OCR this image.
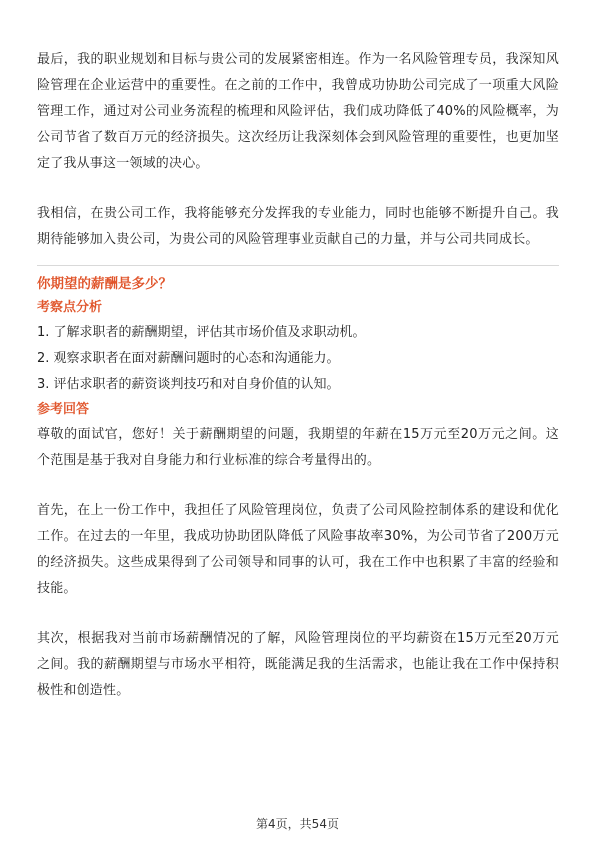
最后，我的职业规划和目标与贵公司的发展紧密相连。作为一名风险管理专员，我深知风险管理在企业运营中的重要性。在之前的工作中，我曾成功协助公司完成了一项重大风险管理工作，通过对公司业务流程的梳理和风险评估，我们成功降低了40%的风险概率，为公司节省了数百万元的经济损失。这次经历让我深刻体会到风险管理的重要性，也更加坚定了我从事这一领域的决心。

我相信，在贵公司工作，我将能够充分发挥我的专业能力，同时也能够不断提升自己。我期待能够加入贵公司，为贵公司的风险管理事业贡献自己的力量，并与公司共同成长。

你期望的薪酬是多少？

考察点分析

1. 了解求职者的薪酬期望，评估其市场价值及求职动机。
2. 观察求职者在面对薪酬问题时的心态和沟通能力。
3. 评估求职者的薪资谈判技巧和对自身价值的认知。

参考回答

尊敬的面试官，您好！关于薪酬期望的问题，我期望的年薪在15万元至20万元之间。这个范围是基于我对自身能力和行业标准的综合考量得出的。

首先，在上一份工作中，我担任了风险管理岗位，负责了公司风险控制体系的建设和优化工作。在过去的一年里，我成功协助团队降低了风险事故率30%，为公司节省了200万元的经济损失。这些成果得到了公司领导和同事的认可，我在工作中也积累了丰富的经验和技能。

其次，根据我对当前市场薪酬情况的了解，风险管理岗位的平均薪资在15万元至20万元之间。我的薪酬期望与市场水平相符，既能满足我的生活需求，也能让我在工作中保持积极性和创造性。

第4页，共54页
